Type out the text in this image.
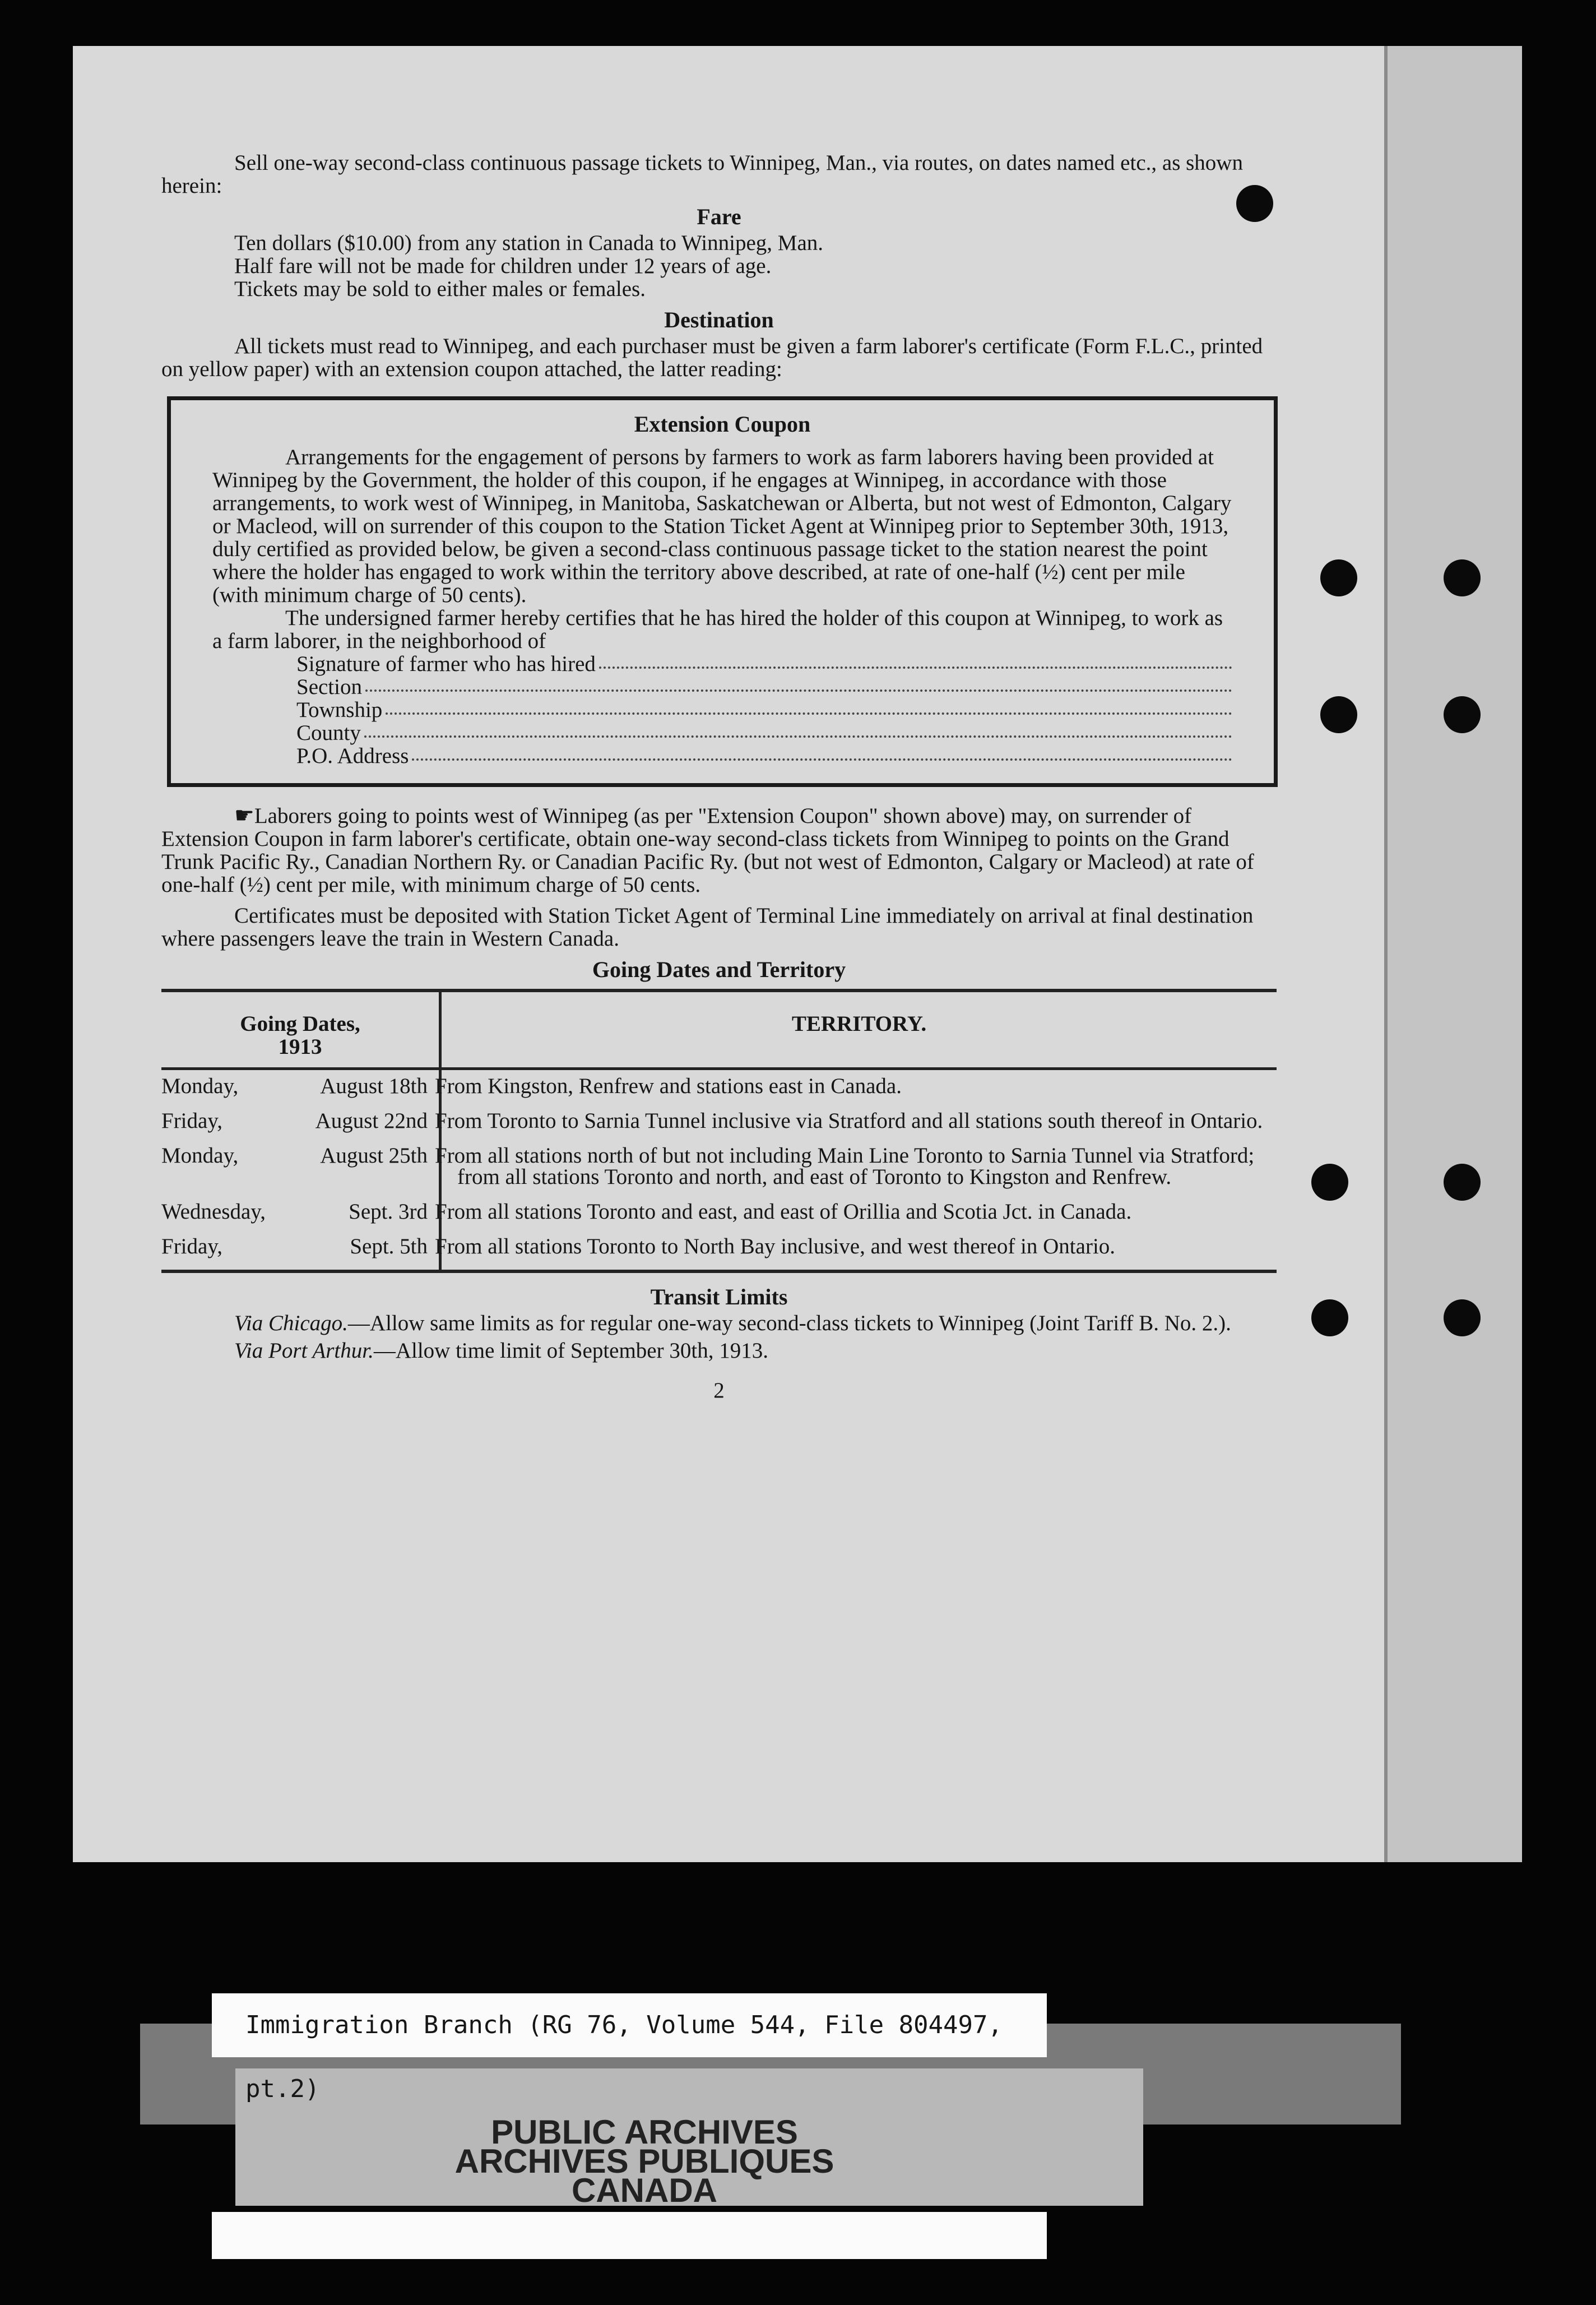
Sell one-way second-class continuous passage tickets to Winnipeg, Man., via routes, on dates named etc., as shown herein:

Fare
Ten dollars ($10.00) from any station in Canada to Winnipeg, Man.
Half fare will not be made for children under 12 years of age.
Tickets may be sold to either males or females.
Destination

All tickets must read to Winnipeg, and each purchaser must be given a farm laborer's certificate (Form F.L.C., printed on yellow paper) with an extension coupon attached, the latter reading:

Extension Coupon

Arrangements for the engagement of persons by farmers to work as farm laborers having been provided at Winnipeg by the Government, the holder of this coupon, if he engages at Winnipeg, in accordance with those arrangements, to work west of Winnipeg, in Manitoba, Saskatchewan or Alberta, but not west of Edmonton, Calgary or Macleod, will on surrender of this coupon to the Station Ticket Agent at Winnipeg prior to September 30th, 1913, duly certified as provided below, be given a second-class continuous passage ticket to the station nearest the point where the holder has engaged to work within the territory above described, at rate of one-half (½) cent per mile (with minimum charge of 50 cents).

The undersigned farmer hereby certifies that he has hired the holder of this coupon at Winnipeg, to work as a farm laborer, in the neighborhood of

Signature of farmer who has hired
Section
Township
County
P.O. Address

☛Laborers going to points west of Winnipeg (as per "Extension Coupon" shown above) may, on surrender of Extension Coupon in farm laborer's certificate, obtain one-way second-class tickets from Winnipeg to points on the Grand Trunk Pacific Ry., Canadian Northern Ry. or Canadian Pacific Ry. (but not west of Edmonton, Calgary or Macleod) at rate of one-half (½) cent per mile, with minimum charge of 50 cents.

Certificates must be deposited with Station Ticket Agent of Terminal Line immediately on arrival at final destination where passengers leave the train in Western Canada.

Going Dates and Territory
Going Dates,
1913	TERRITORY.

Monday, August 18th	From Kingston, Renfrew and stations east in Canada.

Friday, August 22nd	From Toronto to Sarnia Tunnel inclusive via Stratford and all stations south thereof in Ontario.

Monday, August 25th	From all stations north of but not including Main Line Toronto to Sarnia Tunnel via Stratford; from all stations Toronto and north, and east of Toronto to Kingston and Renfrew.

Wednesday, Sept. 3rd	From all stations Toronto and east, and east of Orillia and Scotia Jct. in Canada.

Friday, Sept. 5th	From all stations Toronto to North Bay inclusive, and west thereof in Ontario.
Transit Limits

Via Chicago.—Allow same limits as for regular one-way second-class tickets to Winnipeg (Joint Tariff B. No. 2.).

Via Port Arthur.—Allow time limit of September 30th, 1913.

2

Immigration Branch (RG 76, Volume 544, File 804497, pt.2)
PUBLIC ARCHIVES
ARCHIVES PUBLIQUES
CANADA
